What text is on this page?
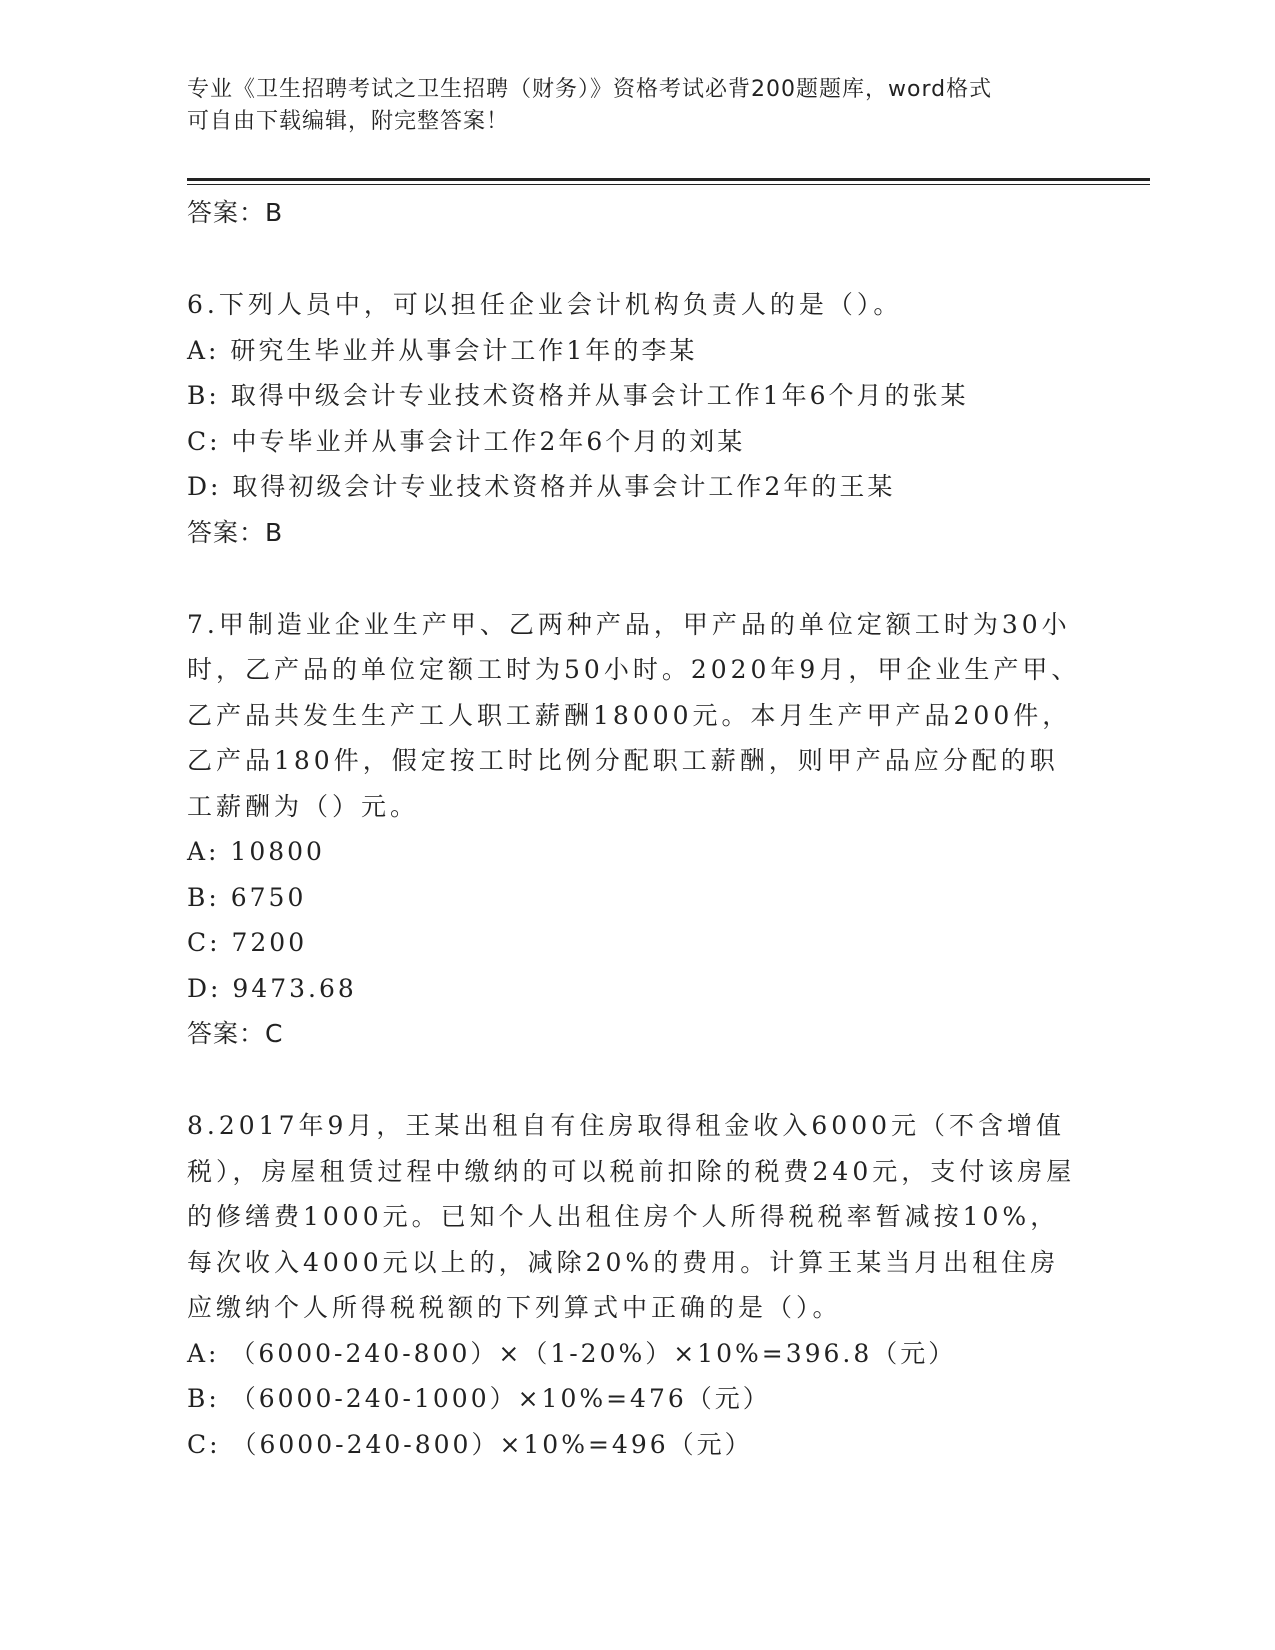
专业《卫生招聘考试之卫生招聘（财务）》资格考试必背200题题库，word格式
可自由下载编辑，附完整答案！
答案：B
6.下列人员中，可以担任企业会计机构负责人的是（）。
A: 研究生毕业并从事会计工作1年的李某
B: 取得中级会计专业技术资格并从事会计工作1年6个月的张某
C: 中专毕业并从事会计工作2年6个月的刘某
D: 取得初级会计专业技术资格并从事会计工作2年的王某
答案：B
7.甲制造业企业生产甲、乙两种产品，甲产品的单位定额工时为30小时，乙产品的单位定额工时为50小时。2020年9月，甲企业生产甲、乙产品共发生生产工人职工薪酬18000元。本月生产甲产品200件，乙产品180件，假定按工时比例分配职工薪酬，则甲产品应分配的职工薪酬为（）元。
A: 10800
B: 6750
C: 7200
D: 9473.68
答案：C
8.2017年9月，王某出租自有住房取得租金收入6000元（不含增值税），房屋租赁过程中缴纳的可以税前扣除的税费240元，支付该房屋的修缮费1000元。已知个人出租住房个人所得税税率暂减按10%，每次收入4000元以上的，减除20%的费用。计算王某当月出租住房应缴纳个人所得税税额的下列算式中正确的是（）。
A: （6000-240-800）×（1-20%）×10%=396.8（元）
B: （6000-240-1000）×10%=476（元）
C: （6000-240-800）×10%=496（元）
